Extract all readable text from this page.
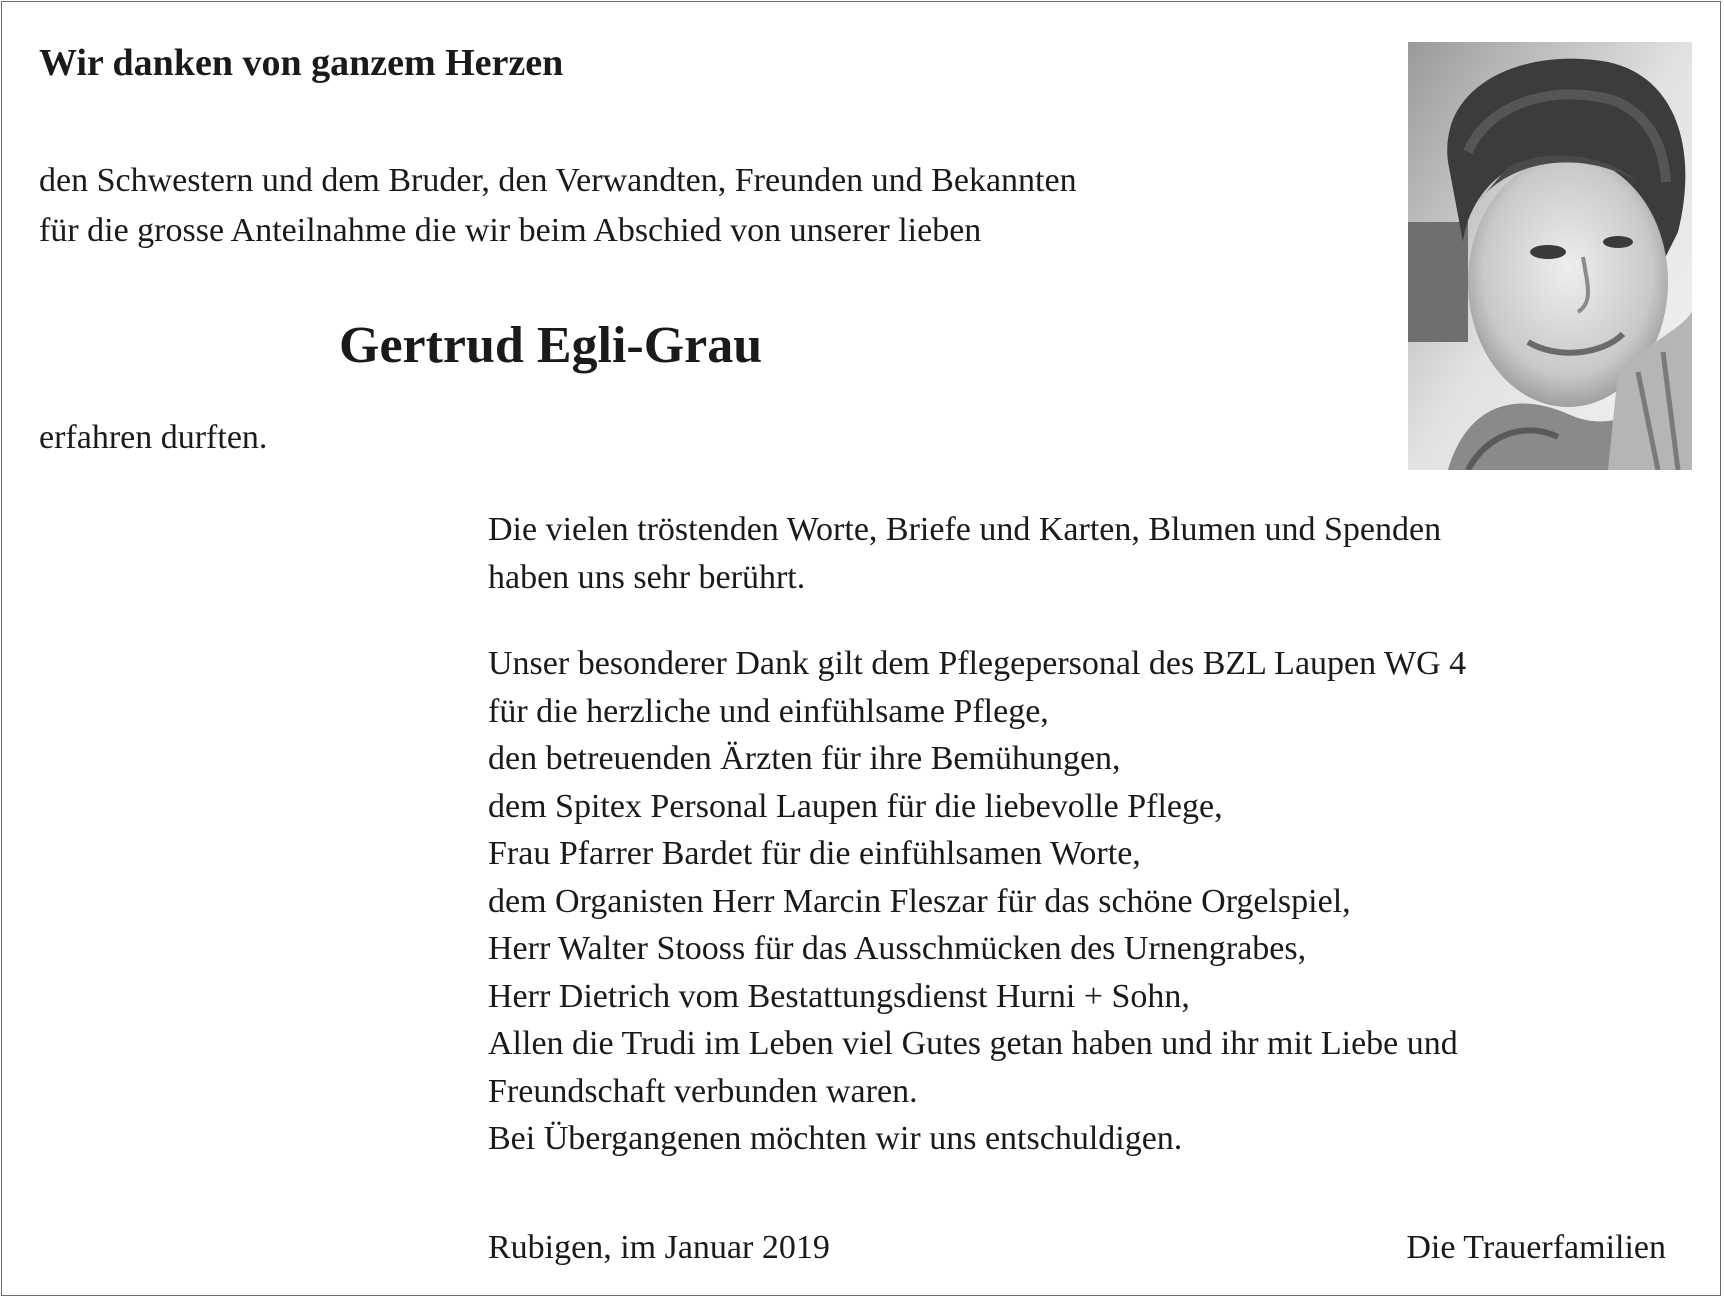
Wir danken von ganzem Herzen

den Schwestern und dem Bruder, den Verwandten, Freunden und Bekannten
für die grosse Anteilnahme die wir beim Abschied von unserer lieben

Gertrud Egli-Grau

erfahren durften.

Die vielen tröstenden Worte, Briefe und Karten, Blumen und Spenden
haben uns sehr berührt.

Unser besonderer Dank gilt dem Pflegepersonal des BZL Laupen WG 4
für die herzliche und einfühlsame Pflege,
den betreuenden Ärzten für ihre Bemühungen,
dem Spitex Personal Laupen für die liebevolle Pflege,
Frau Pfarrer Bardet für die einfühlsamen Worte,
dem Organisten Herr Marcin Fleszar für das schöne Orgelspiel,
Herr Walter Stooss für das Ausschmücken des Urnengrabes,
Herr Dietrich vom Bestattungsdienst Hurni + Sohn,
Allen die Trudi im Leben viel Gutes getan haben und ihr mit Liebe und
Freundschaft verbunden waren.
Bei Übergangenen möchten wir uns entschuldigen.

Rubigen, im Januar 2019	Die Trauerfamilien
